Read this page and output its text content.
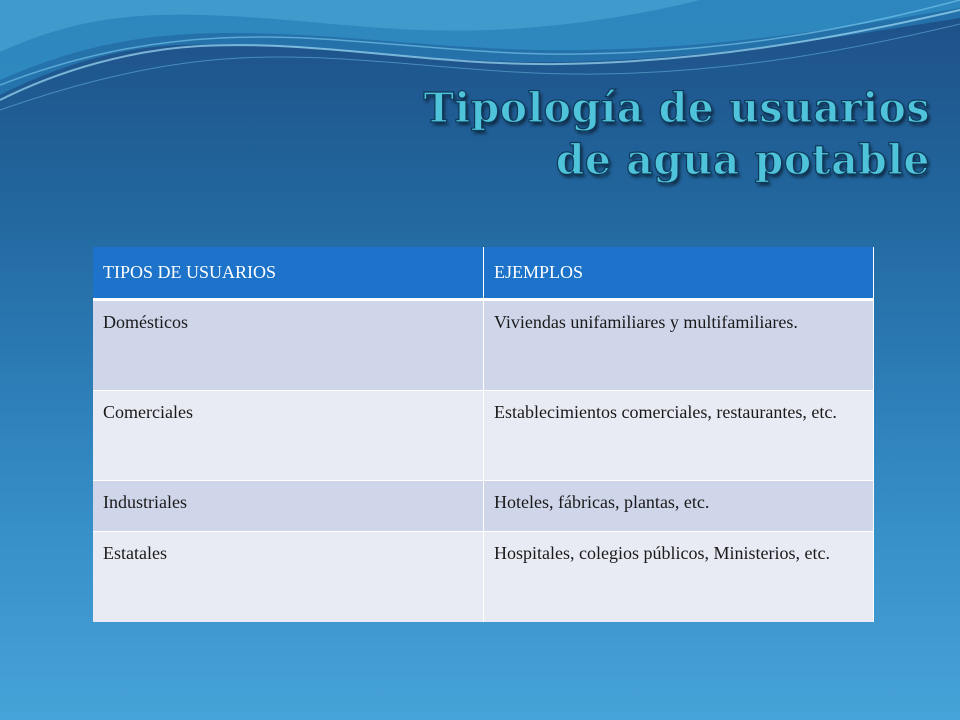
Tipología de usuarios
de agua potable
TIPOS DE USUARIOS	EJEMPLOS
Domésticos	Viviendas unifamiliares y multifamiliares.
Comerciales	Establecimientos comerciales, restaurantes, etc.
Industriales	Hoteles, fábricas, plantas, etc.
Estatales	Hospitales, colegios públicos, Ministerios, etc.
